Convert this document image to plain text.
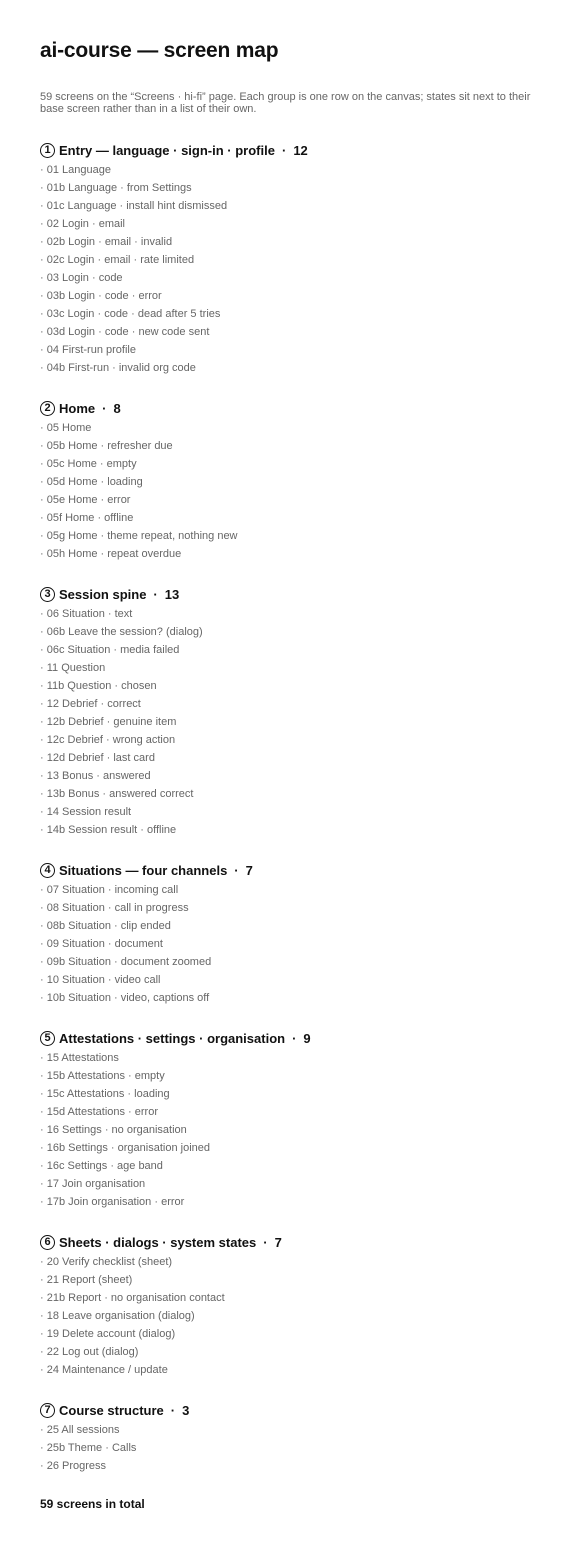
ai-course — screen map

59 screens on the “Screens · hi-fi” page. Each group is one row on the canvas; states sit next to their base screen rather than in a list of their own.

1 Entry — language · sign-in · profile · 12
· 01 Language
· 01b Language · from Settings
· 01c Language · install hint dismissed
· 02 Login · email
· 02b Login · email · invalid
· 02c Login · email · rate limited
· 03 Login · code
· 03b Login · code · error
· 03c Login · code · dead after 5 tries
· 03d Login · code · new code sent
· 04 First-run profile
· 04b First-run · invalid org code
2 Home · 8
· 05 Home
· 05b Home · refresher due
· 05c Home · empty
· 05d Home · loading
· 05e Home · error
· 05f Home · offline
· 05g Home · theme repeat, nothing new
· 05h Home · repeat overdue
3 Session spine · 13
· 06 Situation · text
· 06b Leave the session? (dialog)
· 06c Situation · media failed
· 11 Question
· 11b Question · chosen
· 12 Debrief · correct
· 12b Debrief · genuine item
· 12c Debrief · wrong action
· 12d Debrief · last card
· 13 Bonus · answered
· 13b Bonus · answered correct
· 14 Session result
· 14b Session result · offline
4 Situations — four channels · 7
· 07 Situation · incoming call
· 08 Situation · call in progress
· 08b Situation · clip ended
· 09 Situation · document
· 09b Situation · document zoomed
· 10 Situation · video call
· 10b Situation · video, captions off
5 Attestations · settings · organisation · 9
· 15 Attestations
· 15b Attestations · empty
· 15c Attestations · loading
· 15d Attestations · error
· 16 Settings · no organisation
· 16b Settings · organisation joined
· 16c Settings · age band
· 17 Join organisation
· 17b Join organisation · error
6 Sheets · dialogs · system states · 7
· 20 Verify checklist (sheet)
· 21 Report (sheet)
· 21b Report · no organisation contact
· 18 Leave organisation (dialog)
· 19 Delete account (dialog)
· 22 Log out (dialog)
· 24 Maintenance / update
7 Course structure · 3
· 25 All sessions
· 25b Theme · Calls
· 26 Progress

59 screens in total
